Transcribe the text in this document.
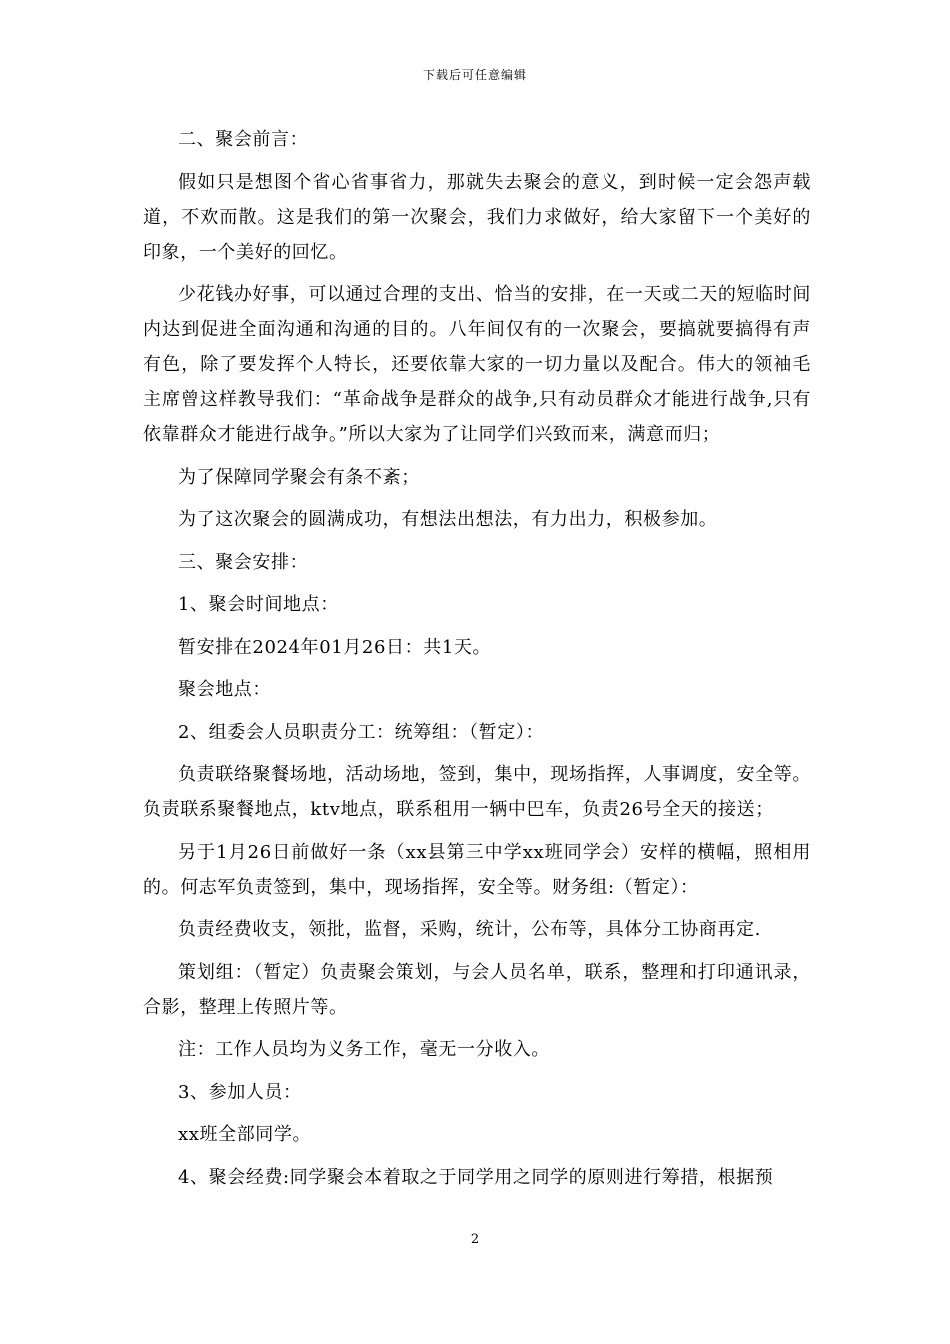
下载后可任意编辑

二、聚会前言：

假如只是想图个省心省事省力，那就失去聚会的意义，到时候一定会怨声载道，不欢而散。这是我们的第一次聚会，我们力求做好，给大家留下一个美好的印象，一个美好的回忆。

少花钱办好事，可以通过合理的支出、恰当的安排，在一天或二天的短临时间内达到促进全面沟通和沟通的目的。八年间仅有的一次聚会，要搞就要搞得有声有色，除了要发挥个人特长，还要依靠大家的一切力量以及配合。伟大的领袖毛主席曾这样教导我们：“革命战争是群众的战争,只有动员群众才能进行战争,只有依靠群众才能进行战争。”所以大家为了让同学们兴致而来，满意而归；

为了保障同学聚会有条不紊；

为了这次聚会的圆满成功，有想法出想法，有力出力，积极参加。

三、聚会安排：

1、聚会时间地点：

暂安排在2024年01月26日：共1天。

聚会地点：

2、组委会人员职责分工：统筹组：（暂定）：

负责联络聚餐场地，活动场地，签到，集中，现场指挥，人事调度，安全等。负责联系聚餐地点，ktv地点，联系租用一辆中巴车，负责26号全天的接送；

另于1月26日前做好一条（xx县第三中学xx班同学会）安样的横幅，照相用的。何志军负责签到，集中，现场指挥，安全等。财务组:（暂定）：

负责经费收支，领批，监督，采购，统计，公布等，具体分工协商再定.

策划组：（暂定）负责聚会策划，与会人员名单，联系，整理和打印通讯录，合影，整理上传照片等。

注：工作人员均为义务工作，毫无一分收入。

3、参加人员：

xx班全部同学。

4、聚会经费:同学聚会本着取之于同学用之同学的原则进行筹措，根据预

2
